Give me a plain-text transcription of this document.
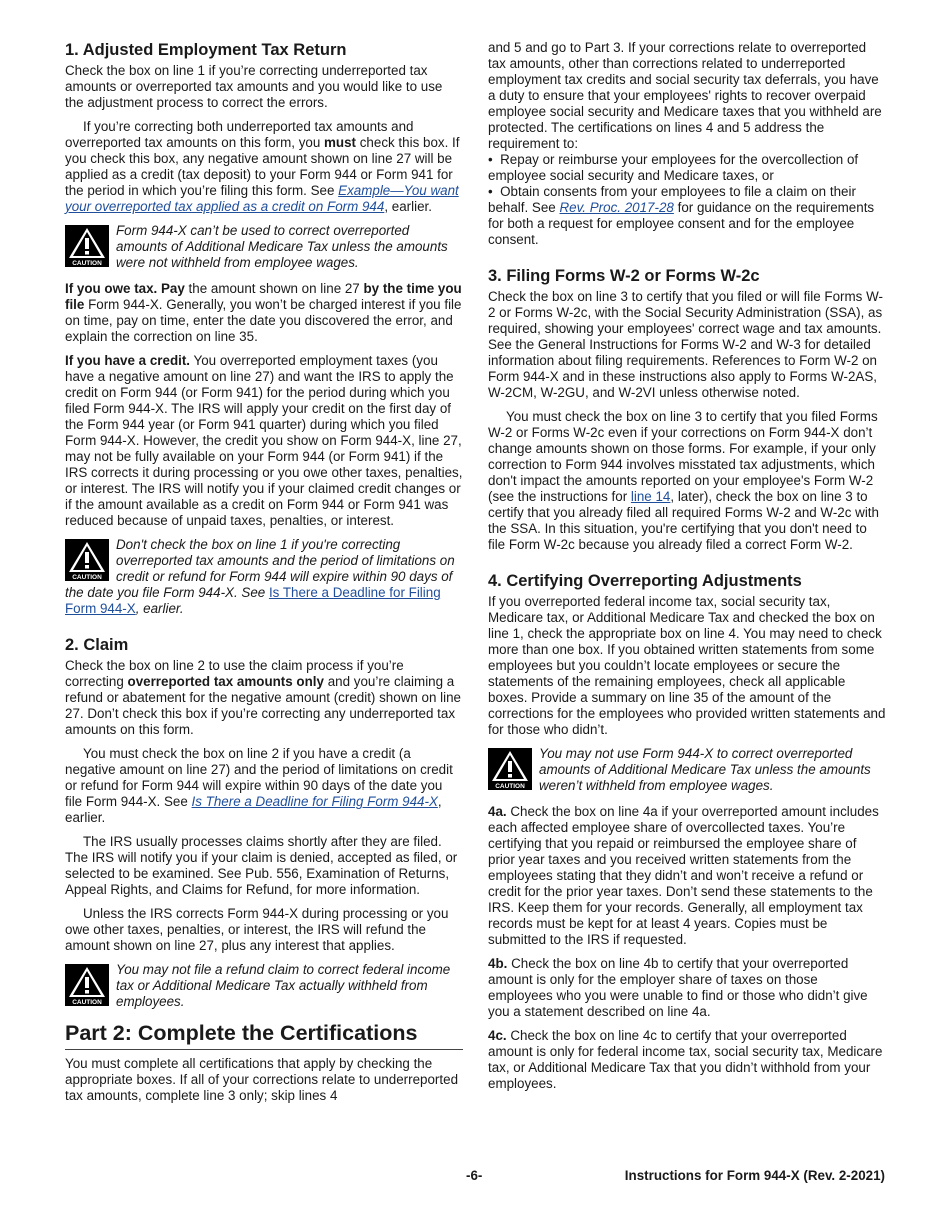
1. Adjusted Employment Tax Return

Check the box on line 1 if you’re correcting underreported tax amounts or overreported tax amounts and you would like to use the adjustment process to correct the errors.

If you’re correcting both underreported tax amounts and overreported tax amounts on this form, you must check this box. If you check this box, any negative amount shown on line 27 will be applied as a credit (tax deposit) to your Form 944 or Form 941 for the period in which you’re filing this form. See Example—You want your overreported tax applied as a credit on Form 944, earlier.

CAUTION
Form 944-X can’t be used to correct overreported amounts of Additional Medicare Tax unless the amounts were not withheld from employee wages.

If you owe tax. Pay the amount shown on line 27 by the time you file Form 944-X. Generally, you won’t be charged interest if you file on time, pay on time, enter the date you discovered the error, and explain the correction on line 35.

If you have a credit. You overreported employment taxes (you have a negative amount on line 27) and want the IRS to apply the credit on Form 944 (or Form 941) for the period during which you filed Form 944-X. The IRS will apply your credit on the first day of the Form 944 year (or Form 941 quarter) during which you filed Form 944-X. However, the credit you show on Form 944-X, line 27, may not be fully available on your Form 944 (or Form 941) if the IRS corrects it during processing or you owe other taxes, penalties, or interest. The IRS will notify you if your claimed credit changes or if the amount available as a credit on Form 944 or Form 941 was reduced because of unpaid taxes, penalties, or interest.

CAUTION
Don't check the box on line 1 if you're correcting overreported tax amounts and the period of limitations on credit or refund for Form 944 will expire within 90 days of the date you file Form 944-X. See Is There a Deadline for Filing Form 944-X, earlier.
2. Claim

Check the box on line 2 to use the claim process if you’re correcting overreported tax amounts only and you’re claiming a refund or abatement for the negative amount (credit) shown on line 27. Don’t check this box if you’re correcting any underreported tax amounts on this form.

You must check the box on line 2 if you have a credit (a negative amount on line 27) and the period of limitations on credit or refund for Form 944 will expire within 90 days of the date you file Form 944-X. See Is There a Deadline for Filing Form 944-X, earlier.

The IRS usually processes claims shortly after they are filed. The IRS will notify you if your claim is denied, accepted as filed, or selected to be examined. See Pub. 556, Examination of Returns, Appeal Rights, and Claims for Refund, for more information.

Unless the IRS corrects Form 944-X during processing or you owe other taxes, penalties, or interest, the IRS will refund the amount shown on line 27, plus any interest that applies.

CAUTION
You may not file a refund claim to correct federal income tax or Additional Medicare Tax actually withheld from employees.
Part 2: Complete the Certifications

You must complete all certifications that apply by checking the appropriate boxes. If all of your corrections relate to underreported tax amounts, complete line 3 only; skip lines 4

and 5 and go to Part 3. If your corrections relate to overreported tax amounts, other than corrections related to underreported employment tax credits and social security tax deferrals, you have a duty to ensure that your employees' rights to recover overpaid employee social security and Medicare taxes that you withheld are protected. The certifications on lines 4 and 5 address the requirement to:

•  Repay or reimburse your employees for the overcollection of employee social security and Medicare taxes, or
•  Obtain consents from your employees to file a claim on their behalf. See Rev. Proc. 2017-28 for guidance on the requirements for both a request for employee consent and for the employee consent.
3. Filing Forms W-2 or Forms W-2c

Check the box on line 3 to certify that you filed or will file Forms W-2 or Forms W-2c, with the Social Security Administration (SSA), as required, showing your employees' correct wage and tax amounts. See the General Instructions for Forms W-2 and W-3 for detailed information about filing requirements. References to Form W-2 on Form 944-X and in these instructions also apply to Forms W-2AS, W-2CM, W-2GU, and W-2VI unless otherwise noted.

You must check the box on line 3 to certify that you filed Forms W-2 or Forms W-2c even if your corrections on Form 944-X don’t change amounts shown on those forms. For example, if your only correction to Form 944 involves misstated tax adjustments, which don't impact the amounts reported on your employee's Form W-2 (see the instructions for line 14, later), check the box on line 3 to certify that you already filed all required Forms W-2 and W-2c with the SSA. In this situation, you're certifying that you don't need to file Form W-2c because you already filed a correct Form W-2.

4. Certifying Overreporting Adjustments

If you overreported federal income tax, social security tax, Medicare tax, or Additional Medicare Tax and checked the box on line 1, check the appropriate box on line 4. You may need to check more than one box. If you obtained written statements from some employees but you couldn’t locate employees or secure the statements of the remaining employees, check all applicable boxes. Provide a summary on line 35 of the amount of the corrections for the employees who provided written statements and for those who didn’t.

CAUTION
You may not use Form 944-X to correct overreported amounts of Additional Medicare Tax unless the amounts weren’t withheld from employee wages.

4a. Check the box on line 4a if your overreported amount includes each affected employee share of overcollected taxes. You’re certifying that you repaid or reimbursed the employee share of prior year taxes and you received written statements from the employees stating that they didn’t and won’t receive a refund or credit for the prior year taxes. Don’t send these statements to the IRS. Keep them for your records. Generally, all employment tax records must be kept for at least 4 years. Copies must be submitted to the IRS if requested.

4b. Check the box on line 4b to certify that your overreported amount is only for the employer share of taxes on those employees who you were unable to find or those who didn’t give you a statement described on line 4a.

4c. Check the box on line 4c to certify that your overreported amount is only for federal income tax, social security tax, Medicare tax, or Additional Medicare Tax that you didn’t withhold from your employees.

-6-	Instructions for Form 944-X (Rev. 2-2021)
